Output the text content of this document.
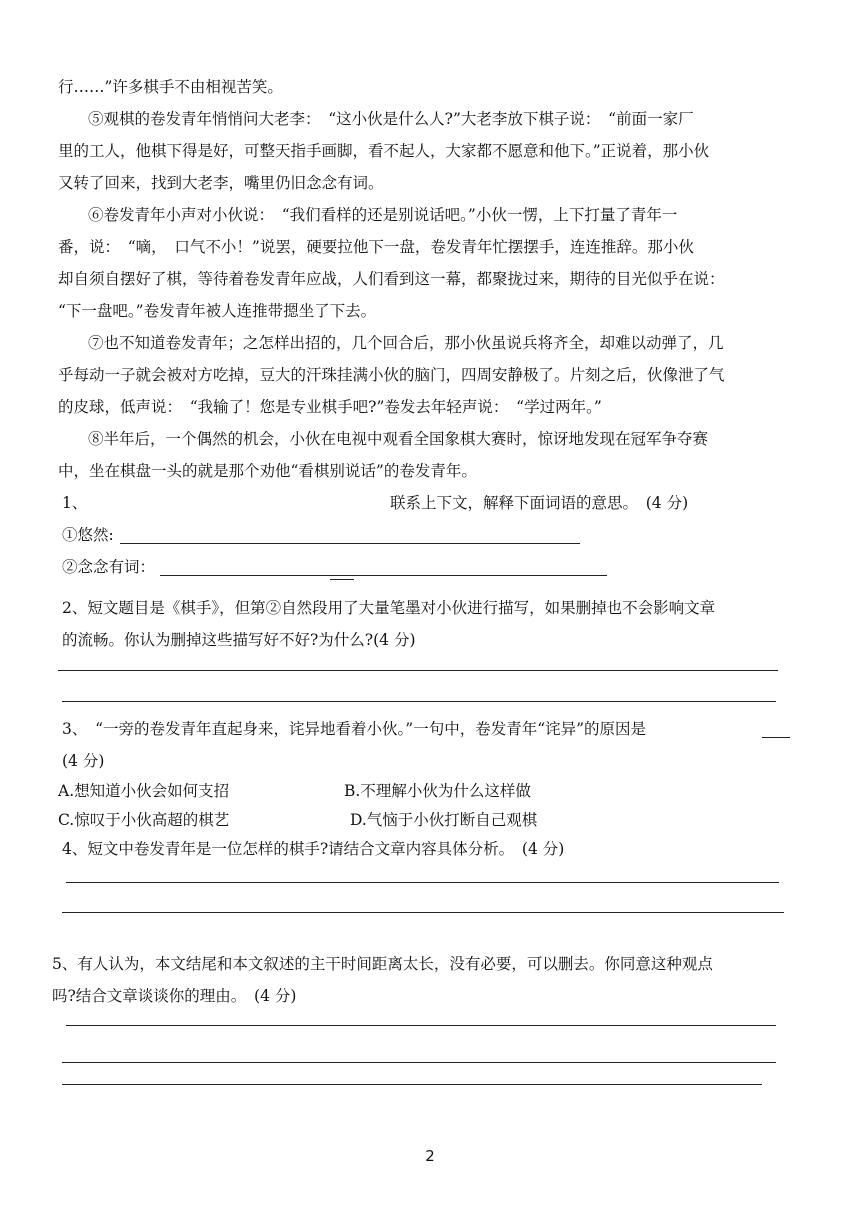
行……”许多棋手不由相视苦笑。
⑤观棋的卷发青年悄悄问大老李：　“这小伙是什么人?”大老李放下棋子说：　“前面一家厂
里的工人，他棋下得是好，可整天指手画脚，看不起人，大家都不愿意和他下。”正说着，那小伙
又转了回来，找到大老李，嘴里仍旧念念有词。
⑥卷发青年小声对小伙说：　“我们看样的还是别说话吧。”小伙一愣，上下打量了青年一
番，说：　“嘀，　口气不小！”说罢，硬要拉他下一盘，卷发青年忙摆摆手，连连推辞。那小伙
却自须自摆好了棋，等待着卷发青年应战，人们看到这一幕，都聚拢过来，期待的目光似乎在说：
“下一盘吧。”卷发青年被人连推带摁坐了下去。
⑦也不知道卷发青年；之怎样出招的，几个回合后，那小伙虽说兵将齐全，却难以动弹了，几
乎每动一子就会被对方吃掉，豆大的汗珠挂满小伙的脑门，四周安静极了。片刻之后，伙像泄了气
的皮球，低声说：　“我输了！您是专业棋手吧?”卷发去年轻声说：　“学过两年。”
⑧半年后，一个偶然的机会，小伙在电视中观看全国象棋大赛时，惊讶地发现在冠军争夺赛
中，坐在棋盘一头的就是那个劝他“看棋别说话”的卷发青年。
1、	联系上下文，解释下面词语的意思。　(4 分)
①悠然:
②念念有词：
2、短文题目是《棋手》，但第②自然段用了大量笔墨对小伙进行描写，如果删掉也不会影响文章
的流畅。你认为删掉这些描写好不好?为什么?(4 分)
3、　“一旁的卷发青年直起身来，诧异地看着小伙。”一句中，卷发青年“诧异”的原因是
(4 分)
A.想知道小伙会如何支招	B.不理解小伙为什么这样做
C.惊叹于小伙高超的棋艺	D.气恼于小伙打断自己观棋
4、短文中卷发青年是一位怎样的棋手?请结合文章内容具体分析。　(4 分)
5、有人认为，本文结尾和本文叙述的主干时间距离太长，没有必要，可以删去。你同意这种观点
吗?结合文章谈谈你的理由。　(4 分)
2
